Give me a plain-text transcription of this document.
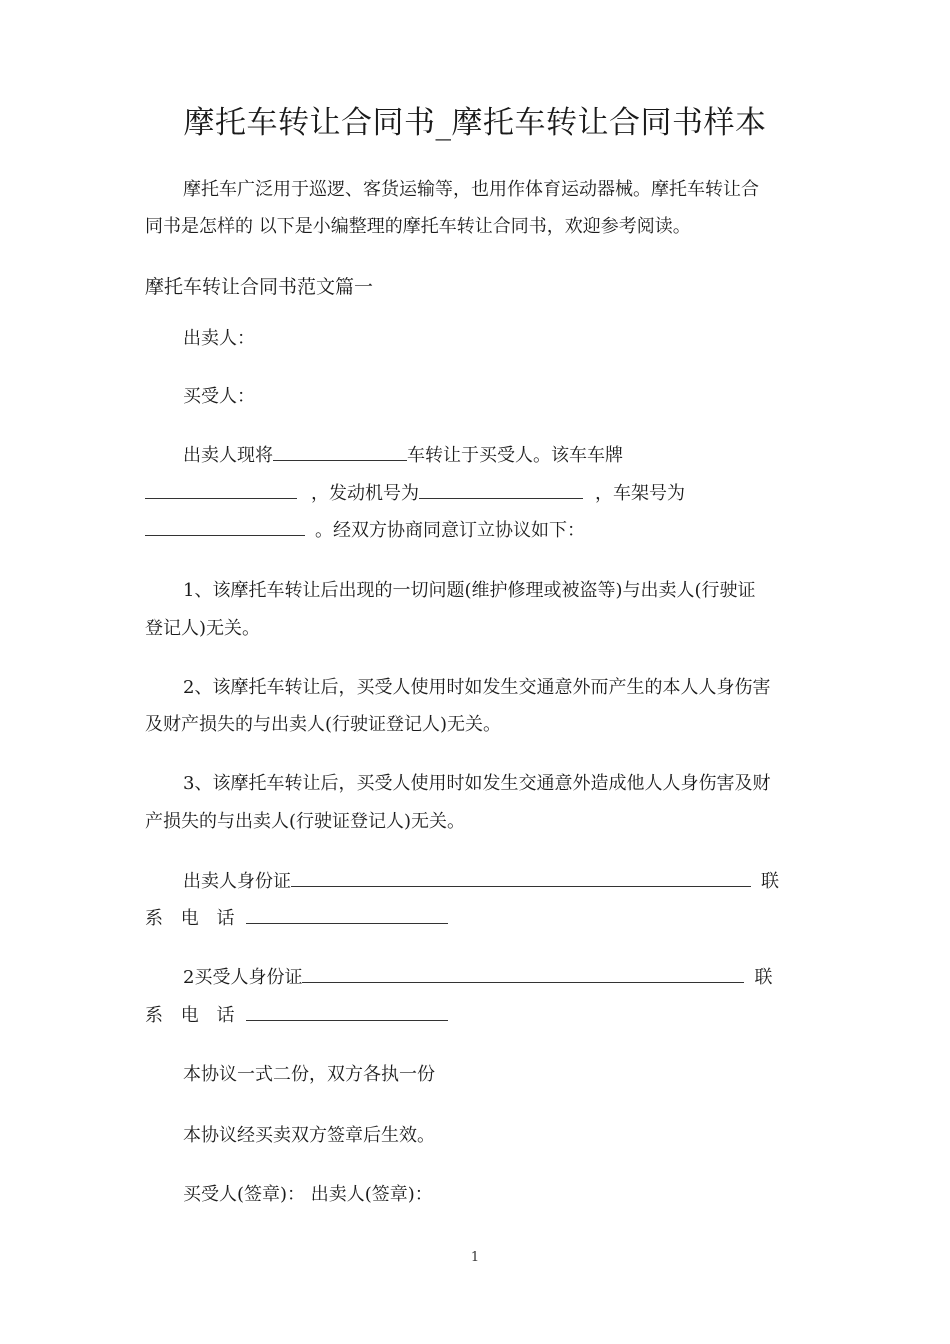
摩托车转让合同书_摩托车转让合同书样本
摩托车广泛用于巡逻、客货运输等，也用作体育运动器械。摩托车转让合
同书是怎样的 以下是小编整理的摩托车转让合同书，欢迎参考阅读。
摩托车转让合同书范文篇一
出卖人：
买受人：
出卖人现将	车转让于买受人。该车车牌
，发动机号为	，车架号为
。经双方协商同意订立协议如下：
1、该摩托车转让后出现的一切问题(维护修理或被盗等)与出卖人(行驶证
登记人)无关。
2、该摩托车转让后，买受人使用时如发生交通意外而产生的本人人身伤害
及财产损失的与出卖人(行驶证登记人)无关。
3、该摩托车转让后，买受人使用时如发生交通意外造成他人人身伤害及财
产损失的与出卖人(行驶证登记人)无关。
出卖人身份证	联
系 电 话
2买受人身份证	联
系 电 话
本协议一式二份，双方各执一份
本协议经买卖双方签章后生效。
买受人(签章)： 出卖人(签章)：
1
